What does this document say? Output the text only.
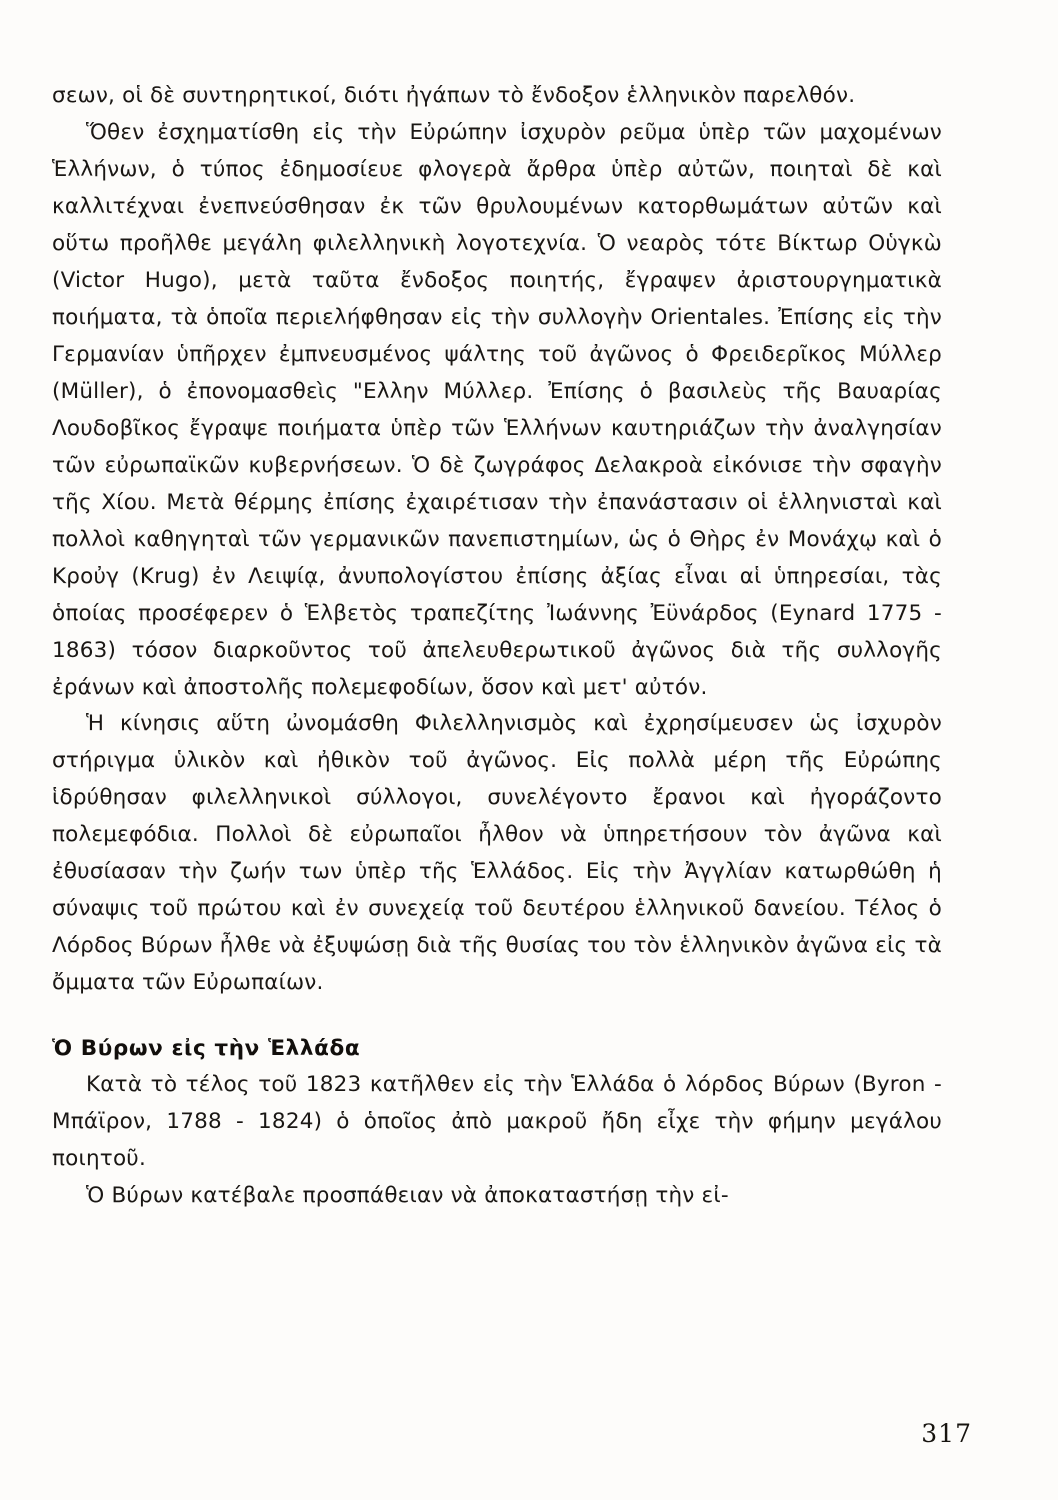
σεων, οἱ δὲ συντηρητικοί, διότι ἠγάπων τὸ ἔνδοξον ἑλληνικὸν παρελθόν.

Ὅθεν ἐσχηματίσθη εἰς τὴν Εὐρώπην ἰσχυρὸν ρεῦμα ὑπὲρ τῶν μαχομένων Ἑλλήνων, ὁ τύπος ἐδημοσίευε φλογερὰ ἄρθρα ὑπὲρ αὐτῶν, ποιηταὶ δὲ καὶ καλλιτέχναι ἐνεπνεύσθησαν ἐκ τῶν θρυλουμένων κατορθωμάτων αὐτῶν καὶ οὕτω προῆλθε μεγάλη φιλελληνικὴ λογοτεχνία. Ὁ νεαρὸς τότε Βίκτωρ Οὑγκὼ (Victor Hugo), μετὰ ταῦτα ἔνδοξος ποιητής, ἔγραψεν ἀριστουργηματικὰ ποιήματα, τὰ ὁποῖα περιελήφθησαν εἰς τὴν συλλογὴν Orientales. Ἐπίσης εἰς τὴν Γερμανίαν ὑπῆρχεν ἐμπνευσμένος ψάλτης τοῦ ἀγῶνος ὁ Φρειδερῖκος Μύλλερ (Müller), ὁ ἐπονομασθεὶς "Ελλην Μύλλερ. Ἐπίσης ὁ βασιλεὺς τῆς Βαυαρίας Λουδοβῖκος ἔγραψε ποιήματα ὑπὲρ τῶν Ἑλλήνων καυτηριάζων τὴν ἀναλγησίαν τῶν εὐρωπαϊκῶν κυβερνήσεων. Ὁ δὲ ζωγράφος Δελακροὰ εἰκόνισε τὴν σφαγὴν τῆς Χίου. Μετὰ θέρμης ἐπίσης ἐχαιρέτισαν τὴν ἐπανάστασιν οἱ ἑλληνισταὶ καὶ πολλοὶ καθηγηταὶ τῶν γερμανικῶν πανεπιστημίων, ὡς ὁ Θὴρς ἐν Μονάχῳ καὶ ὁ Κροὐγ (Krug) ἐν Λειψίᾳ, ἀνυπολογίστου ἐπίσης ἀξίας εἶναι αἱ ὑπηρεσίαι, τὰς ὁποίας προσέφερεν ὁ Ἑλβετὸς τραπεζίτης Ἰωάννης Ἐϋνάρδος (Eynard 1775 - 1863) τόσον διαρκοῦντος τοῦ ἀπελευθερωτικοῦ ἀγῶνος διὰ τῆς συλλογῆς ἐράνων καὶ ἀποστολῆς πολεμεφοδίων, ὅσον καὶ μετ' αὐτόν.

Ἡ κίνησις αὕτη ὠνομάσθη Φιλελληνισμὸς καὶ ἐχρησίμευσεν ὡς ἰσχυρὸν στήριγμα ὑλικὸν καὶ ἠθικὸν τοῦ ἀγῶνος. Εἰς πολλὰ μέρη τῆς Εὐρώπης ἱδρύθησαν φιλελληνικοὶ σύλλογοι, συνελέγοντο ἔρανοι καὶ ἠγοράζοντο πολεμεφόδια. Πολλοὶ δὲ εὐρωπαῖοι ἦλθον νὰ ὑπηρετήσουν τὸν ἀγῶνα καὶ ἐθυσίασαν τὴν ζωήν των ὑπὲρ τῆς Ἑλλάδος. Εἰς τὴν Ἀγγλίαν κατωρθώθη ἡ σύναψις τοῦ πρώτου καὶ ἐν συνεχείᾳ τοῦ δευτέρου ἑλληνικοῦ δανείου. Τέλος ὁ Λόρδος Βύρων ἦλθε νὰ ἐξυψώσῃ διὰ τῆς θυσίας του τὸν ἑλληνικὸν ἀγῶνα εἰς τὰ ὄμματα τῶν Εὐρωπαίων.

Ὁ Βύρων εἰς τὴν Ἑλλάδα

Κατὰ τὸ τέλος τοῦ 1823 κατῆλθεν εἰς τὴν Ἑλλάδα ὁ λόρδος Βύρων (Byron - Μπάϊρον, 1788 - 1824) ὁ ὁποῖος ἀπὸ μακροῦ ἤδη εἶχε τὴν φήμην μεγάλου ποιητοῦ.

Ὁ Βύρων κατέβαλε προσπάθειαν νὰ ἀποκαταστήσῃ τὴν εἰ-

317
